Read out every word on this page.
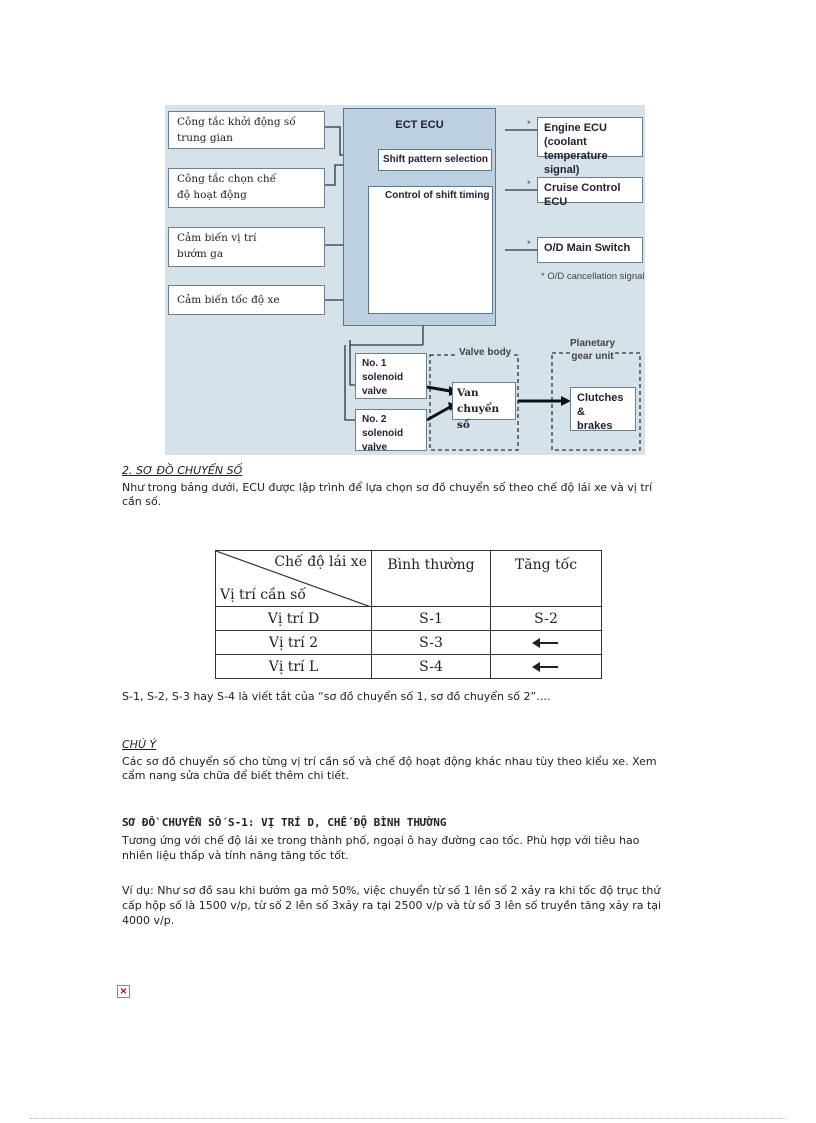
Công tắc khởi động số
trung gian
Công tắc chọn chế
độ hoạt động
Cảm biến vị trí
bướm ga
Cảm biến tốc độ xe
ECT ECU
Shift pattern selection
Control of shift timing
*
*
*
Engine ECU (coolant
temperature signal)
Cruise Control ECU
O/D Main Switch
* O/D cancellation signal
No. 1 solenoid
valve
No. 2 solenoid
valve
Valve body
Van
chuyển số
Planetary
gear unit
Clutches &
brakes
2. SƠ ĐỒ CHUYỂN SỐ
Như trong bảng dưới, ECU được lập trình để lựa chọn sơ đồ chuyển số theo chế độ lái xe và vị trí
cần số.
Chế độ lái xe
Vị trí cần số	Bình thường	Tăng tốc
Vị trí D	S-1	S-2
Vị trí 2	S-3	
Vị trí L	S-4	
S-1, S-2, S-3 hay S-4 là viết tắt của “sơ đồ chuyển số 1, sơ đồ chuyển số 2”….
CHÚ Ý
Các sơ đồ chuyển số cho từng vị trí cần số và chế độ hoạt động khác nhau tùy theo kiểu xe. Xem
cẩm nang sửa chữa để biết thêm chi tiết.
SƠ ĐỒ CHUYỂN SỐ S-1: VỊ TRÍ D, CHẾ ĐỘ BÌNH THƯỜNG
Tương ứng với chế độ lái xe trong thành phố, ngoại ô hay đường cao tốc. Phù hợp với tiêu hao
nhiên liệu thấp và tính năng tăng tốc tốt.
Ví dụ: Như sơ đồ sau khi bướm ga mở 50%, việc chuyển từ số 1 lên số 2 xảy ra khi tốc độ trục thứ
cấp hộp số là 1500 v/p, từ số 2 lên số 3xảy ra tại 2500 v/p và từ số 3 lên số truyền tăng xảy ra tại
4000 v/p.
×
